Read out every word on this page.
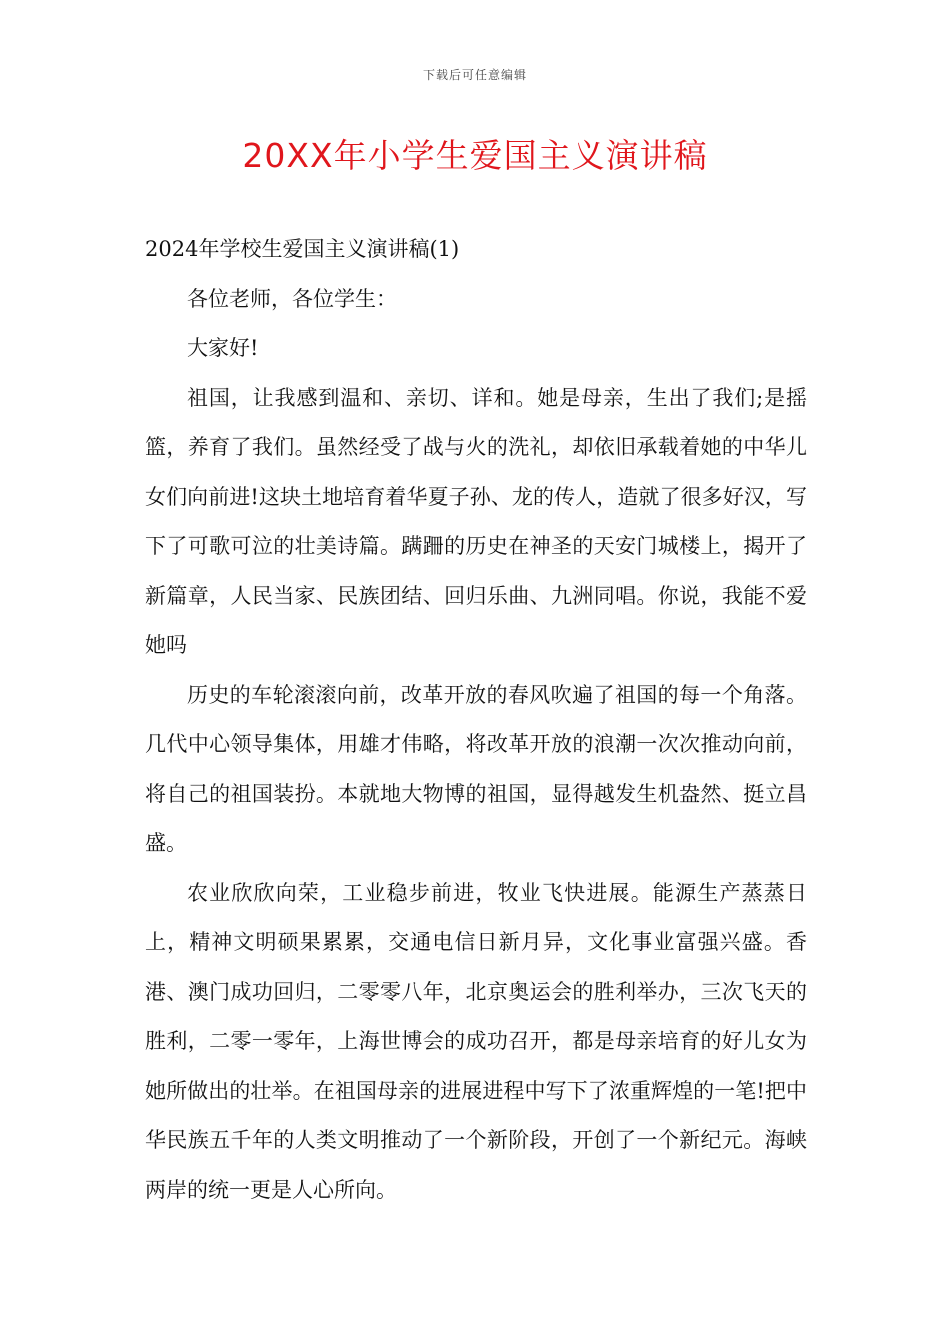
下载后可任意编辑
20XX年小学生爱国主义演讲稿

2024年学校生爱国主义演讲稿(1)

各位老师，各位学生：

大家好!

祖国，让我感到温和、亲切、详和。她是母亲，生出了我们;是摇篮，养育了我们。虽然经受了战与火的洗礼，却依旧承载着她的中华儿女们向前进!这块土地培育着华夏子孙、龙的传人，造就了很多好汉，写下了可歌可泣的壮美诗篇。蹒跚的历史在神圣的天安门城楼上，揭开了新篇章，人民当家、民族团结、回归乐曲、九洲同唱。你说，我能不爱她吗

历史的车轮滚滚向前，改革开放的春风吹遍了祖国的每一个角落。几代中心领导集体，用雄才伟略，将改革开放的浪潮一次次推动向前，将自己的祖国装扮。本就地大物博的祖国，显得越发生机盎然、挺立昌盛。

农业欣欣向荣，工业稳步前进，牧业飞快进展。能源生产蒸蒸日上，精神文明硕果累累，交通电信日新月异，文化事业富强兴盛。香港、澳门成功回归，二零零八年，北京奥运会的胜利举办，三次飞天的胜利，二零一零年，上海世博会的成功召开，都是母亲培育的好儿女为她所做出的壮举。在祖国母亲的进展进程中写下了浓重辉煌的一笔!把中华民族五千年的人类文明推动了一个新阶段，开创了一个新纪元。海峡两岸的统一更是人心所向。
